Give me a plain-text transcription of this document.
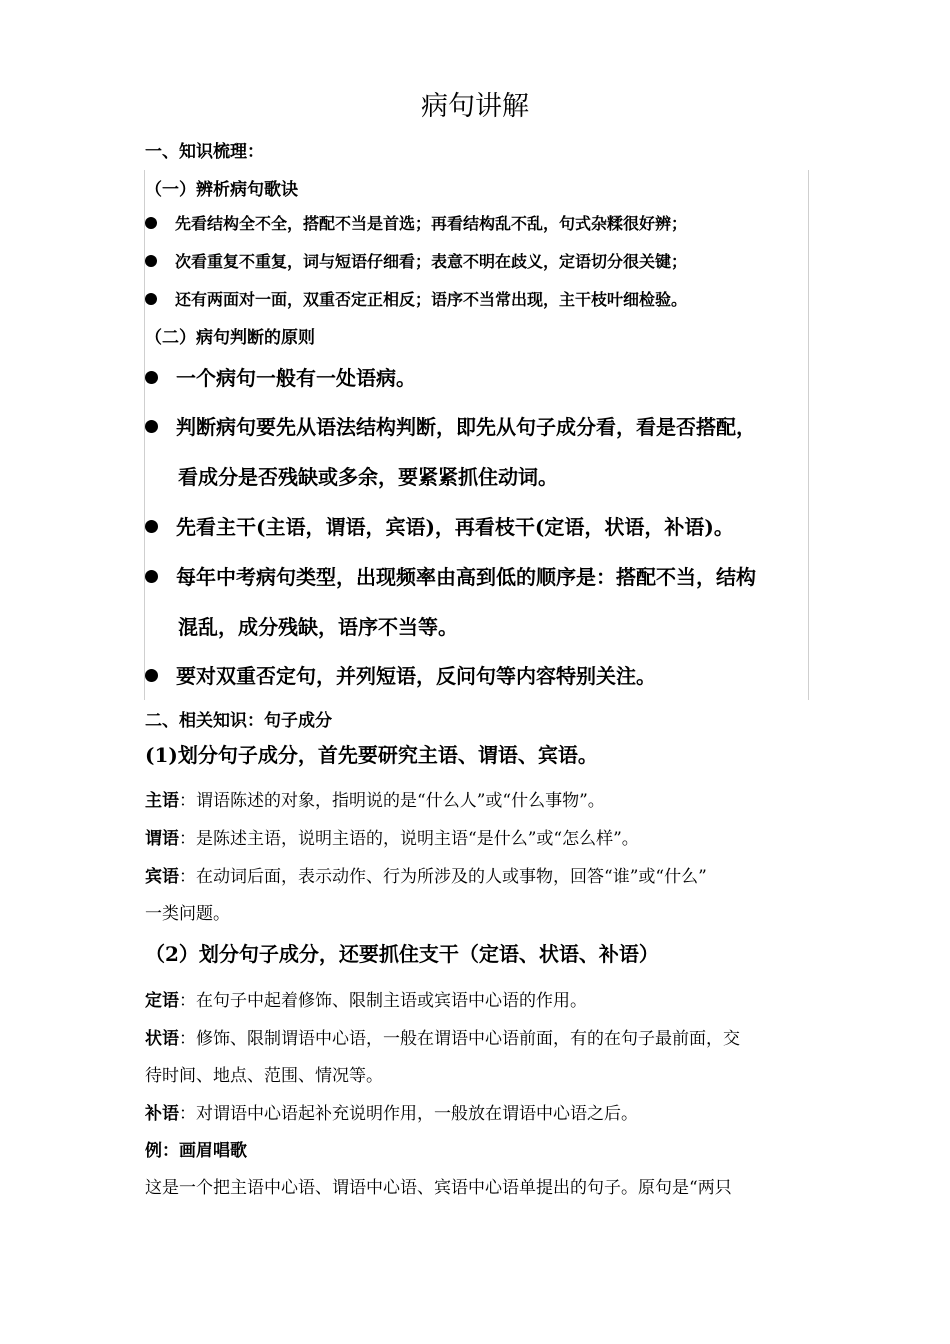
病句讲解
一、知识梳理：
（一）辨析病句歌诀
先看结构全不全，搭配不当是首选；再看结构乱不乱，句式杂糅很好辨；
次看重复不重复，词与短语仔细看；表意不明在歧义，定语切分很关键；
还有两面对一面，双重否定正相反；语序不当常出现，主干枝叶细检验。
（二）病句判断的原则
一个病句一般有一处语病。
判断病句要先从语法结构判断，即先从句子成分看，看是否搭配，
看成分是否残缺或多余，要紧紧抓住动词。
先看主干(主语，谓语，宾语)，再看枝干(定语，状语，补语)。
每年中考病句类型，出现频率由高到低的顺序是：搭配不当，结构
混乱，成分残缺，语序不当等。
要对双重否定句，并列短语，反问句等内容特别关注。
二、相关知识：句子成分
(1)划分句子成分，首先要研究主语、谓语、宾语。
主语：谓语陈述的对象，指明说的是“什么人”或“什么事物”。
谓语：是陈述主语，说明主语的，说明主语“是什么”或“怎么样”。
宾语：在动词后面，表示动作、行为所涉及的人或事物，回答“谁”或“什么”
一类问题。
（2）划分句子成分，还要抓住支干（定语、状语、补语）
定语：在句子中起着修饰、限制主语或宾语中心语的作用。
状语：修饰、限制谓语中心语，一般在谓语中心语前面，有的在句子最前面，交
待时间、地点、范围、情况等。
补语：对谓语中心语起补充说明作用，一般放在谓语中心语之后。
例：画眉唱歌
这是一个把主语中心语、谓语中心语、宾语中心语单提出的句子。原句是“两只
